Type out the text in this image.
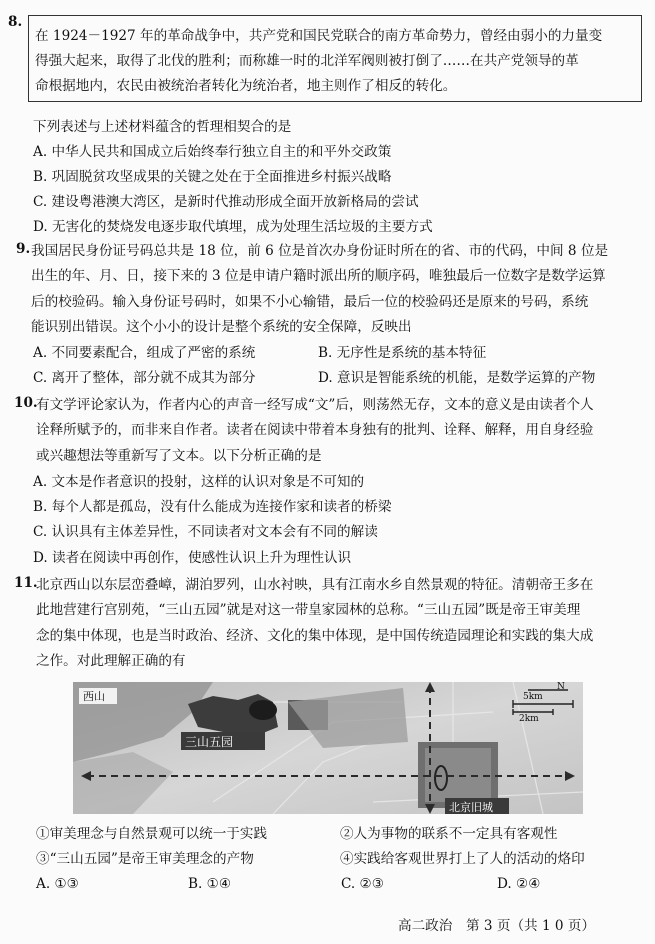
8.
在 1924－1927 年的革命战争中，共产党和国民党联合的南方革命势力，曾经由弱小的力量变
得强大起来，取得了北伐的胜利；而称雄一时的北洋军阀则被打倒了……在共产党领导的革
命根据地内，农民由被统治者转化为统治者，地主则作了相反的转化。
下列表述与上述材料蕴含的哲理相契合的是
A. 中华人民共和国成立后始终奉行独立自主的和平外交政策
B. 巩固脱贫攻坚成果的关键之处在于全面推进乡村振兴战略
C. 建设粤港澳大湾区，是新时代推动形成全面开放新格局的尝试
D. 无害化的焚烧发电逐步取代填埋，成为处理生活垃圾的主要方式
9. 我国居民身份证号码总共是 18 位，前 6 位是首次办身份证时所在的省、市的代码，中间 8 位是
出生的年、月、日，接下来的 3 位是申请户籍时派出所的顺序码，唯独最后一位数字是数学运算
后的校验码。输入身份证号码时，如果不小心输错，最后一位的校验码还是原来的号码，系统
能识别出错误。这个小小的设计是整个系统的安全保障，反映出
A. 不同要素配合，组成了严密的系统	B. 无序性是系统的基本特征
C. 离开了整体，部分就不成其为部分	D. 意识是智能系统的机能，是数学运算的产物
10.
有文学评论家认为，作者内心的声音一经写成“文”后，则荡然无存，文本的意义是由读者个人
诠释所赋予的，而非来自作者。读者在阅读中带着本身独有的批判、诠释、解释，用自身经验
或兴趣想法等重新写了文本。以下分析正确的是
A. 文本是作者意识的投射，这样的认识对象是不可知的
B. 每个人都是孤岛，没有什么能成为连接作家和读者的桥梁
C. 认识具有主体差异性，不同读者对文本会有不同的解读
D. 读者在阅读中再创作，使感性认识上升为理性认识
11.
北京西山以东层峦叠嶂，湖泊罗列，山水衬映，具有江南水乡自然景观的特征。清朝帝王多在
此地营建行宫别苑，“三山五园”就是对这一带皇家园林的总称。“三山五园”既是帝王审美理
念的集中体现，也是当时政治、经济、文化的集中体现，是中国传统造园理论和实践的集大成
之作。对此理解正确的有
西山
三山五园
北京旧城
N
5km
2km
①审美理念与自然景观可以统一于实践	②人为事物的联系不一定具有客观性
③“三山五园”是帝王审美理念的产物	④实践给客观世界打上了人的活动的烙印
A. ①③	B. ①④	C. ②③	D. ②④
高二政治　第 3 页（共 1 0 页）
